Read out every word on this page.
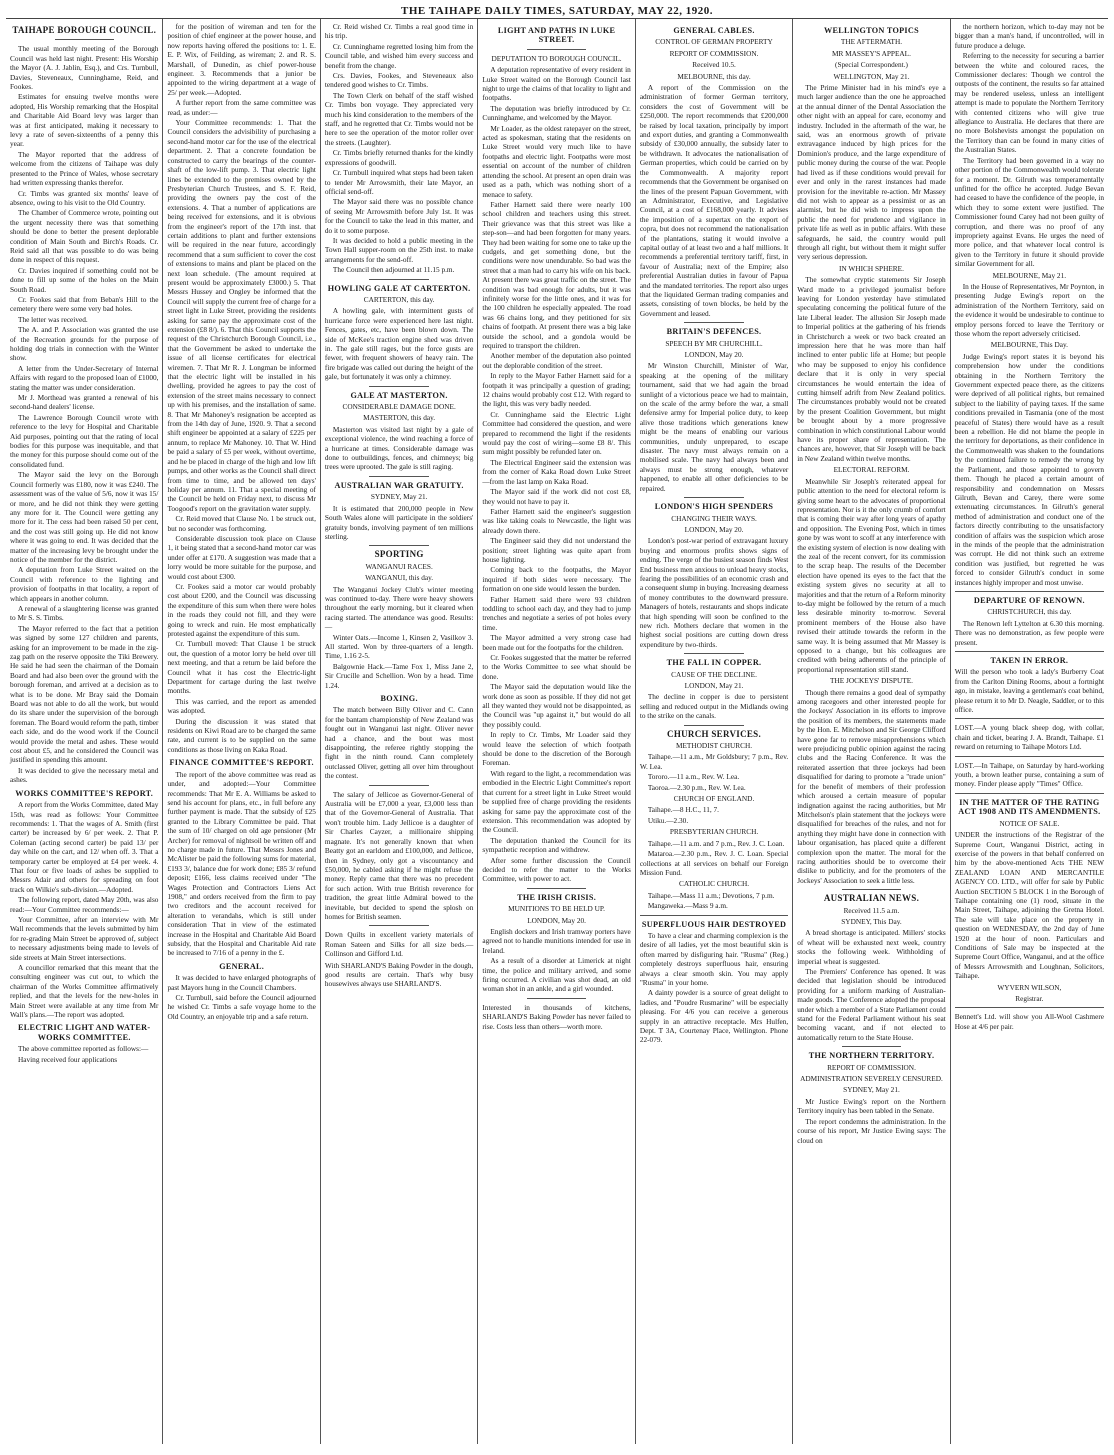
THE TAIHAPE DAILY TIMES, SATURDAY, MAY 22, 1920.
TAIHAPE BOROUGH COUNCIL.

The usual monthly meeting of the Borough Council was held last night. Present: His Worship the Mayor (A. J. Jablin, Esq.), and Crs. Turnbull, Davies, Steveneaux, Cunninghame, Reid, and Fookes.

Estimates for ensuing twelve months were adopted, His Worship remarking that the Hospital and Charitable Aid Board levy was larger than was at first anticipated, making it necessary to levy a rate of seven-sixteenths of a penny this year.

The Mayor reported that the address of welcome from the citizens of Taihape was duly presented to the Prince of Wales, whose secretary had written expressing thanks therefor.

Cr. Timbs was granted six months' leave of absence, owing to his visit to the Old Country.

The Chamber of Commerce wrote, pointing out the urgent necessity there was that something should be done to better the present deplorable condition of Main South and Birch's Roads. Cr. Reid said all that was possible to do was being done in respect of this request.

Cr. Davies inquired if something could not be done to fill up some of the holes on the Main South Road.

Cr. Fookes said that from Beban's Hill to the cemetery there were some very bad holes.

The letter was received.

The A. and P. Association was granted the use of the Recreation grounds for the purpose of holding dog trials in connection with the Winter show.

A letter from the Under-Secretary of Internal Affairs with regard to the proposed loan of £1000, stating the matter was under consideration.

Mr J. Morthead was granted a renewal of his second-hand dealers' license.

The Lawrence Borough Council wrote with reference to the levy for Hospital and Charitable Aid purposes, pointing out that the rating of local bodies for this purpose was inequitable, and that the money for this purpose should come out of the consolidated fund.

The Mayor said the levy on the Borough Council formerly was £180, now it was £240. The assessment was of the value of 5/6, now it was 15/ or more, and he did not think they were getting any more for it. The Council were getting any more for it. The cess had been raised 50 per cent, and the cost was still going up. He did not know where it was going to end. It was decided that the matter of the increasing levy be brought under the notice of the member for the district.

A deputation from Luke Street waited on the Council with reference to the lighting and provision of footpaths in that locality, a report of which appears in another column.

A renewal of a slaughtering license was granted to Mr S. S. Timbs.

The Mayor referred to the fact that a petition was signed by some 127 children and parents, asking for an improvement to be made in the zig-zag path on the reserve opposite the Tiki Brewery. He said he had seen the chairman of the Domain Board and had also been over the ground with the borough foreman, and arrived at a decision as to what is to be done. Mr Bray said the Domain Board was not able to do all the work, but would do its share under the supervision of the borough foreman. The Board would reform the path, timber each side, and do the wood work if the Council would provide the metal and ashes. These would cost about £5, and he considered the Council was justified in spending this amount.

It was decided to give the necessary metal and ashes.

WORKS COMMITTEE'S REPORT.

A report from the Works Committee, dated May 15th, was read as follows: Your Committee recommends: 1. That the wages of A. Smith (first carter) be increased by 6/ per week. 2. That P. Coleman (acting second carter) be paid 13/ per day while on the cart, and 12/ when off. 3. That a temporary carter be employed at £4 per week. 4. That four or five loads of ashes be supplied to Messrs Adair and others for spreading on foot track on Wilkie's sub-division.—Adopted.

The following report, dated May 20th, was also read:—Your Committee recommends:—

Your Committee, after an interview with Mr Wall recommends that the levels submitted by him for re-grading Main Street be approved of, subject to necessary adjustments being made to levels of side streets at Main Street intersections.

A councillor remarked that this meant that the consulting engineer was cut out, to which the chairman of the Works Committee affirmatively replied, and that the levels for the new-holes in Main Street were available at any time from Mr Wall's plans.—The report was adopted.

ELECTRIC LIGHT AND WATER-WORKS COMMITTEE.

The above committee reported as follows:—

Having received four applications

for the position of wireman and ten for the position of chief engineer at the power house, and now reports having offered the positions to: 1. E. E. P. Wix, of Feilding, as wireman; 2. and R. S. Marshall, of Dunedin, as chief power-house engineer. 3. Recommends that a junior be appointed to the wiring department at a wage of 25/ per week.—Adopted.

A further report from the same committee was read, as under:—

Your Committee recommends: 1. That the Council considers the advisibility of purchasing a second-hand motor car for the use of the electrical department. 2. That a concrete foundation be constructed to carry the bearings of the counter-shaft of the low-lift pump. 3. That electric light lines be extended to the premises owned by the Presbyterian Church Trustees, and S. F. Reid, providing the owners pay the cost of the extensions. 4. That a number of applications are being received for extensions, and it is obvious from the engineer's report of the 17th inst. that certain additions to plant and further extensions will be required in the near future, accordingly recommend that a sum sufficient to cover the cost of extensions to mains and plant be placed on the next loan schedule. (The amount required at present would be approximately £3000.) 5. That Messrs Hussey and Ongley be informed that the Council will supply the current free of charge for a street light in Luke Street, providing the residents asking for same pay the approximate cost of the extension (£8 8/). 6. That this Council supports the request of the Christchurch Borough Council, i.e., that the Government be asked to undertake the issue of all license certificates for electrical wiremen. 7. That Mr R. J. Longman be informed that the electric light will be installed in his dwelling, provided he agrees to pay the cost of extension of the street mains necessary to connect up with his premises, and the installation of same. 8. That Mr Mahoney's resignation be accepted as from the 14th day of June, 1920. 9. That a second shift engineer be appointed at a salary of £225 per annum, to replace Mr Mahoney. 10. That W. Hind be paid a salary of £5 per week, without overtime, and he be placed in charge of the high and low lift pumps, and other works as the Council shall direct from time to time, and be allowed ten days' holiday per annum. 11. That a special meeting of the Council be held on Friday next, to discuss Mr Toogood's report on the gravitation water supply.

Cr. Reid moved that Clause No. 1 be struck out, but no seconder was forthcoming.

Considerable discussion took place on Clause 1, it being stated that a second-hand motor car was under offer at £170. A suggestion was made that a lorry would be more suitable for the purpose, and would cost about £300.

Cr. Fookes said a motor car would probably cost about £200, and the Council was discussing the expenditure of this sum when there were holes in the roads they could not fill, and they were going to wreck and ruin. He most emphatically protested against the expenditure of this sum.

Cr. Turnbull moved: That Clause 1 be struck out, the question of a motor lorry be held over till next meeting, and that a return be laid before the Council what it has cost the Electric-light Department for cartage during the last twelve months.

This was carried, and the report as amended was adopted.

During the discussion it was stated that residents on Kiwi Road are to be charged the same rate, and current is to be supplied on the same conditions as those living on Kaka Road.

FINANCE COMMITTEE'S REPORT.

The report of the above committee was read as under, and adopted:—Your Committee recommends: That Mr E. A. Williams be asked to send his account for plans, etc., in full before any further payment is made. That the subsidy of £25 granted to the Library Committee be paid. That the sum of 10/ charged on old age pensioner (Mr Archer) for removal of nightsoil be written off and no charge made in future. That Messrs Jones and McAlister be paid the following sums for material, £193 3/, balance due for work done; £85 3/ refund deposit; £166, less claims received under "The Wages Protection and Contractors Liens Act 1908," and orders received from the firm to pay two creditors and the account received for alteration to verandahs, which is still under consideration That in view of the estimated increase in the Hospital and Charitable Aid Board subsidy, that the Hospital and Charitable Aid rate be increased to 7/16 of a penny in the £.

GENERAL.

It was decided to have enlarged photographs of past Mayors hung in the Council Chambers.

Cr. Turnbull, said before the Council adjourned he wished Cr. Timbs a safe voyage home to the Old Country, an enjoyable trip and a safe return.

Cr. Reid wished Cr. Timbs a real good time in his trip.

Cr. Cunninghame regretted losing him from the Council table, and wished him every success and benefit from the change.

Crs. Davies, Fookes, and Steveneaux also tendered good wishes to Cr. Timbs.

The Town Clerk on behalf of the staff wished Cr. Timbs bon voyage. They appreciated very much his kind consideration to the members of the staff, and he regretted that Cr. Timbs would not be here to see the operation of the motor roller over the streets. (Laughter).

Cr. Timbs briefly returned thanks for the kindly expressions of goodwill.

Cr. Turnbull inquired what steps had been taken to tender Mr Arrowsmith, their late Mayor, an official send-off.

The Mayor said there was no possible chance of seeing Mr Arrowsmith before July 1st. It was for the Council to take the lead in this matter, and do it to some purpose.

It was decided to hold a public meeting in the Town Hall supper-room on the 25th inst. to make arrangements for the send-off.

The Council then adjourned at 11.15 p.m.

HOWLING GALE AT CARTERTON.
CARTERTON, this day.

A howling gale, with intermittent gusts of hurricane force were experienced here last night. Fences, gates, etc, have been blown down. The side of McKee's traction engine shed was driven in. The gale still rages, but the force gusts are fewer, with frequent showers of heavy rain. The fire brigade was called out during the height of the gale, but fortunately it was only a chimney.

GALE AT MASTERTON.
CONSIDERABLE DAMAGE DONE.
MASTERTON, this day.

Masterton was visited last night by a gale of exceptional violence, the wind reaching a force of a hurricane at times. Considerable damage was done to outbuildings, fences, and chimneys; big trees were uprooted. The gale is still raging.

AUSTRALIAN WAR GRATUITY.
SYDNEY, May 21.

It is estimated that 200,000 people in New South Wales alone will participate in the soldiers' gratuity bonds, involving payment of ten millions sterling.

SPORTING
WANGANUI RACES.
WANGANUI, this day.

The Wanganui Jockey Club's winter meeting was continued to-day. There were heavy showers throughout the early morning, but it cleared when racing started. The attendance was good. Results:—

Winter Oats.—Income 1, Kinsen 2, Vasilkov 3. All started. Won by three-quarters of a length. Time, 1.16 2-5.

Balgownie Hack.—Tame Fox 1, Miss Jane 2, Sir Crucille and Schellion. Won by a head. Time 1.24.

BOXING.

The match between Billy Oliver and C. Cann for the bantam championship of New Zealand was fought out in Wanganui last night. Oliver never had a chance, and the bout was most disappointing, the referee rightly stopping the fight in the ninth round. Cann completely outclassed Oliver, getting all over him throughout the contest.

The salary of Jellicoe as Governor-General of Australia will be £7,000 a year, £3,000 less than that of the Governor-General of Australia. That won't trouble him. Lady Jellicoe is a daughter of Sir Charles Cayzer, a millionaire shipping magnate. It's not generally known that when Beatty got an earldom and £100,000, and Jellicoe, then in Sydney, only got a viscountancy and £50,000, he cabled asking if he might refuse the money. Reply came that there was no precedent for such action. With true British reverence for tradition, the great little Admiral bowed to the inevitable, but decided to spend the splosh on homes for British seamen.

Down Quilts in excellent variety materials of Roman Sateen and Silks for all size beds.—Collinson and Gifford Ltd.
With SHARLAND'S Baking Powder in the dough, good results are certain. That's why busy housewives always use SHARLAND'S.
LIGHT AND PATHS IN LUKE STREET.
DEPUTATION TO BOROUGH COUNCIL.

A deputation representative of every resident in Luke Street waited on the Borough Council last night to urge the claims of that locality to light and footpaths.

The deputation was briefly introduced by Cr. Cunninghame, and welcomed by the Mayor.

Mr Loader, as the oldest ratepayer on the street, acted as spokesman, stating that the residents on Luke Street would very much like to have footpaths and electric light. Footpaths were most essential on account of the number of children attending the school. At present an open drain was used as a path, which was nothing short of a menace to safety.

Father Harnett said there were nearly 100 school children and teachers using this street. Their grievance was that this street was like a step-son—and had been forgotten for many years. They had been waiting for some one to take up the cudgels, and get something done, but the conditions were now unendurable. So bad was the street that a man had to carry his wife on his back. At present there was great traffic on the street. The condition was bad enough for adults, but it was infinitely worse for the little ones, and it was for the 100 children he especially appealed. The road was 66 chains long, and they petitioned for six chains of footpath. At present there was a big lake outside the school, and a gondola would be required to transport the children.

Another member of the deputation also pointed out the deplorable condition of the street.

In reply to the Mayor Father Harnett said for a footpath it was principally a question of grading; 12 chains would probably cost £12. With regard to the light, this was very badly needed.

Cr. Cunninghame said the Electric Light Committee had considered the question, and were prepared to recommend the light if the residents would pay the cost of wiring—some £8 8/. This sum might possibly be refunded later on.

The Electrical Engineer said the extension was from the corner of Kaka Road down Luke Street—from the last lamp on Kaka Road.

The Mayor said if the work did not cost £8, they would not have to pay it.

Father Harnett said the engineer's suggestion was like taking coals to Newcastle, the light was already down there.

The Engineer said they did not understand the position; street lighting was quite apart from house lighting.

Coming back to the footpaths, the Mayor inquired if both sides were necessary. The formation on one side would lessen the burden.

Father Harnett said there were 93 children toddling to school each day, and they had to jump trenches and negotiate a series of pot holes every time.

The Mayor admitted a very strong case had been made out for the footpaths for the children.

Cr. Fookes suggested that the matter be referred to the Works Committee to see what should be done.

The Mayor said the deputation would like the work done as soon as possible. If they did not get all they wanted they would not be disappointed, as the Council was "up against it," but would do all they possibly could.

In reply to Cr. Timbs, Mr Loader said they would leave the selection of which footpath should be done to the discretion of the Borough Foreman.

With regard to the light, a recommendation was embodied in the Electric Light Committee's report that current for a street light in Luke Street would be supplied free of charge providing the residents asking for same pay the approximate cost of the extension. This recommendation was adopted by the Council.

The deputation thanked the Council for its sympathetic reception and withdrew.

After some further discussion the Council decided to refer the matter to the Works Committee, with power to act.

THE IRISH CRISIS.
MUNITIONS TO BE HELD UP.
LONDON, May 20.

English dockers and Irish tramway porters have agreed not to handle munitions intended for use in Ireland.

As a result of a disorder at Limerick at night time, the police and military arrived, and some firing occurred. A civilian was shot dead, an old woman shot in an ankle, and a girl wounded.

Interested in thousands of kitchens, SHARLAND'S Baking Powder has never failed to rise. Costs less than others—worth more.
GENERAL CABLES.
CONTROL OF GERMAN PROPERTY
REPORT OF COMMISSION.
Received 10.5.
MELBOURNE, this day.

A report of the Commission on the administration of former German territory, considers the cost of Government will be £250,000. The report recommends that £200,000 be raised by local taxation, principally by import and export duties, and granting a Commonwealth subsidy of £30,000 annually, the subsidy later to be withdrawn. It advocates the nationalisation of German properties, which could be carried on by the Commonwealth. A majority report recommends that the Government be organised on the lines of the present Papuan Government, with an Administrator, Executive, and Legislative Council, at a cost of £168,000 yearly. It advises the imposition of a supertax on the export of copra, but does not recommend the nationalisation of the plantations, stating it would involve a capital outlay of at least two and a half millions. It recommends a preferential territory tariff, first, in favour of Australia; next of the Empire; also preferential Australian duties in favour of Papua and the mandated territories. The report also urges that the liquidated German trading companies and assets, consisting of town blocks, be held by the Government and leased.

BRITAIN'S DEFENCES.
SPEECH BY MR CHURCHILL.
LONDON, May 20.

Mr Winston Churchill, Minister of War, speaking at the opening of the military tournament, said that we had again the broad sunlight of a victorious peace we had to maintain, on the scale of the army before the war, a small defensive army for Imperial police duty, to keep alive those traditions which generations knew might be the means of enabling our various communities, unduly unprepared, to escape disaster. The navy must always remain on a mobilised scale. The navy had always been and always must be strong enough, whatever happened, to enable all other deficiencies to be repaired.

LONDON'S HIGH SPENDERS
CHANGING THEIR WAYS.
LONDON, May 20.

London's post-war period of extravagant luxury buying and enormous profits shows signs of ending. The verge of the busiest season finds West End business men anxious to unload heavy stocks, fearing the possibilities of an economic crash and a consequent slump in buying. Increasing dearness of money contributes to the downward pressure. Managers of hotels, restaurants and shops indicate that high spending will soon be confined to the new rich. Mothers declare that women in the highest social positions are cutting down dress expenditure by two-thirds.

THE FALL IN COPPER.
CAUSE OF THE DECLINE.
LONDON, May 21.

The decline in copper is due to persistent selling and reduced output in the Midlands owing to the strike on the canals.

CHURCH SERVICES.
METHODIST CHURCH.

Taihape.—11 a.m., Mr Goldsbury; 7 p.m., Rev. W. Lea.

Tororo.—11 a.m., Rev. W. Lea.

Taoroa.—2.30 p.m., Rev. W. Lea.

CHURCH OF ENGLAND.

Taihape.—8 H.C., 11, 7.

Utiku.—2.30.

PRESBYTERIAN CHURCH.

Taihape.—11 a.m. and 7 p.m., Rev. J. C. Loan.

Mataroa.—2.30 p.m., Rev. J. C. Loan. Special collections at all services on behalf our Foreign Mission Fund.

CATHOLIC CHURCH.

Taihape.—Mass 11 a.m.; Devotions, 7 p.m.

Mangaweka.—Mass 9 a.m.

SUPERFLUOUS HAIR DESTROYED

To have a clear and charming complexion is the desire of all ladies, yet the most beautiful skin is often marred by disfiguring hair. "Rusma" (Reg.) completely destroys superfluous hair, ensuring always a clear smooth skin. You may apply "Rusma" in your home.

A dainty powder is a source of great delight to ladies, and "Poudre Rusmarine" will be especially pleasing. For 4/6 you can receive a generous supply in an attractive receptacle. Mrs Hulfen, Dept. T 3A, Courtenay Place, Wellington. Phone 22-079.

WELLINGTON TOPICS
THE AFTERMATH.
MR MASSEY'S APPEAL.
(Special Correspondent.)
WELLINGTON, May 21.

The Prime Minister had in his mind's eye a much larger audience than the one he approached at the annual dinner of the Dental Association the other night with an appeal for care, economy and industry. Included in the aftermath of the war, he said, was an enormous growth of private extravagance induced by high prices for the Dominion's produce, and the large expenditure of public money during the course of the war. People had lived as if these conditions would prevail for ever and only in the rarest instances had made provision for the inevitable re-action. Mr Massey did not wish to appear as a pessimist or as an alarmist, but he did wish to impress upon the public the need for prudence and vigilance in private life as well as in public affairs. With these safeguards, he said, the country would pull through all right, but without them it might suffer very serious depression.

IN WHICH SPHERE.

The somewhat cryptic statements Sir Joseph Ward made to a privileged journalist before leaving for London yesterday have stimulated speculating concerning the political future of the late Liberal leader. The allusion Sir Joseph made to Imperial politics at the gathering of his friends in Christchurch a week or two back created an impression here that he was more than half inclined to enter public life at Home; but people who may be supposed to enjoy his confidence declare that it is only in very special circumstances he would entertain the idea of cutting himself adrift from New Zealand politics. The circumstances probably would not be created by the present Coalition Government, but might be brought about by a more progressive combination in which constitutional Labour would have its proper share of representation. The chances are, however, that Sir Joseph will be back in New Zealand within twelve months.

ELECTORAL REFORM.

Meanwhile Sir Joseph's reiterated appeal for public attention to the need for electoral reform is giving some heart to the advocates of proportional representation. Nor is it the only crumb of comfort that is coming their way after long years of apathy and opposition. The Evening Post, which in times gone by was wont to scoff at any interference with the existing system of election is now dealing with the zeal of the recent convert, for its commission to the scrap heap. The results of the December election have opened its eyes to the fact that the existing system gives no security at all to majorities and that the return of a Reform minority to-day might be followed by the return of a much less desirable minority to-morrow. Several prominent members of the House also have revised their attitude towards the reform in the same way. It is being assumed that Mr Massey is opposed to a change, but his colleagues are credited with being adherents of the principle of proportional representation still stand.

THE JOCKEYS' DISPUTE.

Though there remains a good deal of sympathy among racegoers and other interested people for the Jockeys' Association in its efforts to improve the position of its members, the statements made by the Hon. E. Mitchelson and Sir George Clifford have gone far to remove misapprehensions which were prejudicing public opinion against the racing clubs and the Racing Conference. It was the reiterated assertion that three jockeys had been disqualified for daring to promote a "trade union" for the benefit of members of their profession which aroused a certain measure of popular indignation against the racing authorities, but Mr Mitchelson's plain statement that the jockeys were disqualified for breaches of the rules, and not for anything they might have done in connection with labour organisation, has placed quite a different complexion upon the matter. The moral for the racing authorities should be to overcome their dislike to publicity, and for the promoters of the Jockeys' Association to seek a little less.

AUSTRALIAN NEWS.
Received 11.5 a.m.
SYDNEY, This Day.

A bread shortage is anticipated. Millers' stocks of wheat will be exhausted next week, country stocks the following week. Withholding of imperial wheat is suggested.

The Premiers' Conference has opened. It was decided that legislation should be introduced providing for a uniform marking of Australian-made goods. The Conference adopted the proposal under which a member of a State Parliament could stand for the Federal Parliament without his seat becoming vacant, and if not elected to automatically return to the State House.

THE NORTHERN TERRITORY.
REPORT OF COMMISSION.
ADMINISTRATION SEVERELY CENSURED.
SYDNEY, May 21.

Mr Justice Ewing's report on the Northern Territory inquiry has been tabled in the Senate.

The report condemns the administration. In the course of his report, Mr Justice Ewing says: The cloud on

the northern horizon, which to-day may not be bigger than a man's hand, if uncontrolled, will in future produce a deluge.

Referring to the necessity for securing a barrier between the white and coloured races, the Commissioner declares: Though we control the outposts of the continent, the results so far attained may be rendered useless, unless an intelligent attempt is made to populate the Northern Territory with contented citizens who will give true allegiance to Australia. He declares that there are no more Bolshevists amongst the population on the Territory than can be found in many cities of the Australian States.

The Territory had been governed in a way no other portion of the Commonwealth would tolerate for a moment. Dr. Gilruth was temperamentally unfitted for the office he accepted. Judge Bevan had ceased to have the confidence of the people, in which they to some extent were justified. The Commissioner found Carey had not been guilty of corruption, and there was no proof of any impropriety against Evans. He urges the need of more police, and that whatever local control is given to the Territory in future it should provide similar Government for all.

MELBOURNE, May 21.

In the House of Representatives, Mr Poynton, in presenting Judge Ewing's report on the administration of the Northern Territory, said on the evidence it would be undesirable to continue to employ persons forced to leave the Territory or those whom the report adversely criticised.

MELBOURNE, This Day.

Judge Ewing's report states it is beyond his comprehension how under the conditions obtaining in the Northern Territory the Government expected peace there, as the citizens were deprived of all political rights, but remained subject to the liability of paying taxes. If the same conditions prevailed in Tasmania (one of the most peaceful of States) there would have as a result been a rebellion. He did not blame the people in the territory for deportations, as their confidence in the Commonwealth was shaken to the foundations by the continued failure to remedy the wrong by the Parliament, and those appointed to govern them. Though he placed a certain amount of responsibility and condemnation on Messrs Gilruth, Bevan and Carey, there were some extenuating circumstances. In Gilruth's general method of administration and conduct one of the factors directly contributing to the unsatisfactory condition of affairs was the suspicion which arose in the minds of the people that the administration was corrupt. He did not think such an extreme condition was justified, but regretted he was forced to consider Gilruth's conduct in some instances highly improper and most unwise.

DEPARTURE OF RENOWN.
CHRISTCHURCH, this day.

The Renown left Lyttelton at 6.30 this morning. There was no demonstration, as few people were present.

TAKEN IN ERROR.
Will the person who took a lady's Burberry Coat from the Carlton Dining Rooms, about a fortnight ago, in mistake, leaving a gentleman's coat behind, please return it to Mr D. Neagle, Saddler, or to this office.
LOST.—A young black sheep dog, with collar, chain and ticket, bearing J. A. Brandt, Taihape. £1 reward on returning to Taihape Motors Ltd.
LOST.—In Taihape, on Saturday by hard-working youth, a brown leather purse, containing a sum of money. Finder please apply "Times" Office.
IN THE MATTER OF THE RATING ACT 1908 AND ITS AMENDMENTS.
NOTICE OF SALE.
UNDER the instructions of the Registrar of the Supreme Court, Wanganui District, acting in exercise of the powers in that behalf conferred on him by the above-mentioned Acts THE NEW ZEALAND LOAN AND MERCANTILE AGENCY CO. LTD., will offer for sale by Public Auction SECTION 5 BLOCK 1 in the Borough of Taihape containing one (1) rood, situate in the Main Street, Taihape, adjoining the Gretna Hotel. The sale will take place on the property in question on WEDNESDAY, the 2nd day of June 1920 at the hour of noon. Particulars and Conditions of Sale may be inspected at the Supreme Court Office, Wanganui, and at the office of Messrs Arrowsmith and Loughnan, Solicitors, Taihape.
WYVERN WILSON,
Registrar.
Bennett's Ltd. will show you All-Wool Cashmere Hose at 4/6 per pair.
